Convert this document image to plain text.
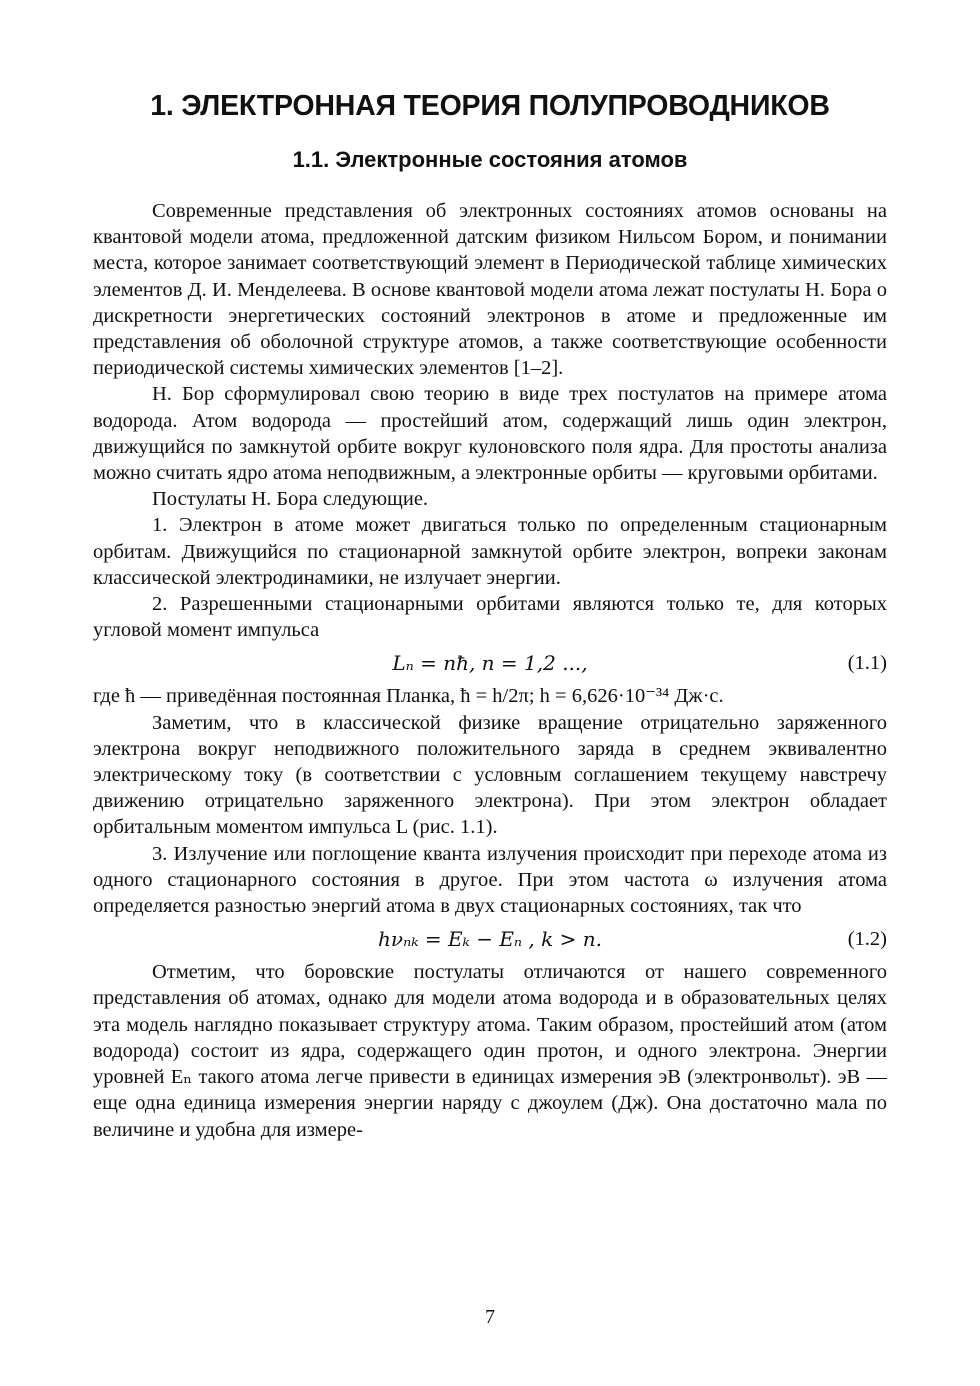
1. ЭЛЕКТРОННАЯ ТЕОРИЯ ПОЛУПРОВОДНИКОВ
1.1. Электронные состояния атомов

Современные представления об электронных состояниях атомов основаны на квантовой модели атома, предложенной датским физиком Нильсом Бором, и понимании места, которое занимает соответствующий элемент в Периодической таблице химических элементов Д. И. Менделеева. В основе квантовой модели атома лежат постулаты Н. Бора о дискретности энергетических состояний электронов в атоме и предложенные им представления об оболочной структуре атомов, а также соответствующие особенности периодической системы химических элементов [1–2].

Н. Бор сформулировал свою теорию в виде трех постулатов на примере атома водорода. Атом водорода — простейший атом, содержащий лишь один электрон, движущийся по замкнутой орбите вокруг кулоновского поля ядра. Для простоты анализа можно считать ядро атома неподвижным, а электронные орбиты — круговыми орбитами.

Постулаты Н. Бора следующие.

1. Электрон в атоме может двигаться только по определенным стационарным орбитам. Движущийся по стационарной замкнутой орбите электрон, вопреки законам классической электродинамики, не излучает энергии.

2. Разрешенными стационарными орбитами являются только те, для которых угловой момент импульса

Lₙ = nħ, n = 1,2 ...,	(1.1)

где ħ — приведённая постоянная Планка, ħ = h/2π; h = 6,626·10⁻³⁴ Дж·с.

Заметим, что в классической физике вращение отрицательно заряженного электрона вокруг неподвижного положительного заряда в среднем эквивалентно электрическому току (в соответствии с условным соглашением текущему навстречу движению отрицательно заряженного электрона). При этом электрон обладает орбитальным моментом импульса L (рис. 1.1).

3. Излучение или поглощение кванта излучения происходит при переходе атома из одного стационарного состояния в другое. При этом частота ω излучения атома определяется разностью энергий атома в двух стационарных состояниях, так что

hνₙₖ = Eₖ − Eₙ , k > n.	(1.2)

Отметим, что боровские постулаты отличаются от нашего современного представления об атомах, однако для модели атома водорода и в образовательных целях эта модель наглядно показывает структуру атома. Таким образом, простейший атом (атом водорода) состоит из ядра, содержащего один протон, и одного электрона. Энергии уровней Eₙ такого атома легче привести в единицах измерения эВ (электронвольт). эВ — еще одна единица измерения энергии наряду с джоулем (Дж). Она достаточно мала по величине и удобна для измере-

7
